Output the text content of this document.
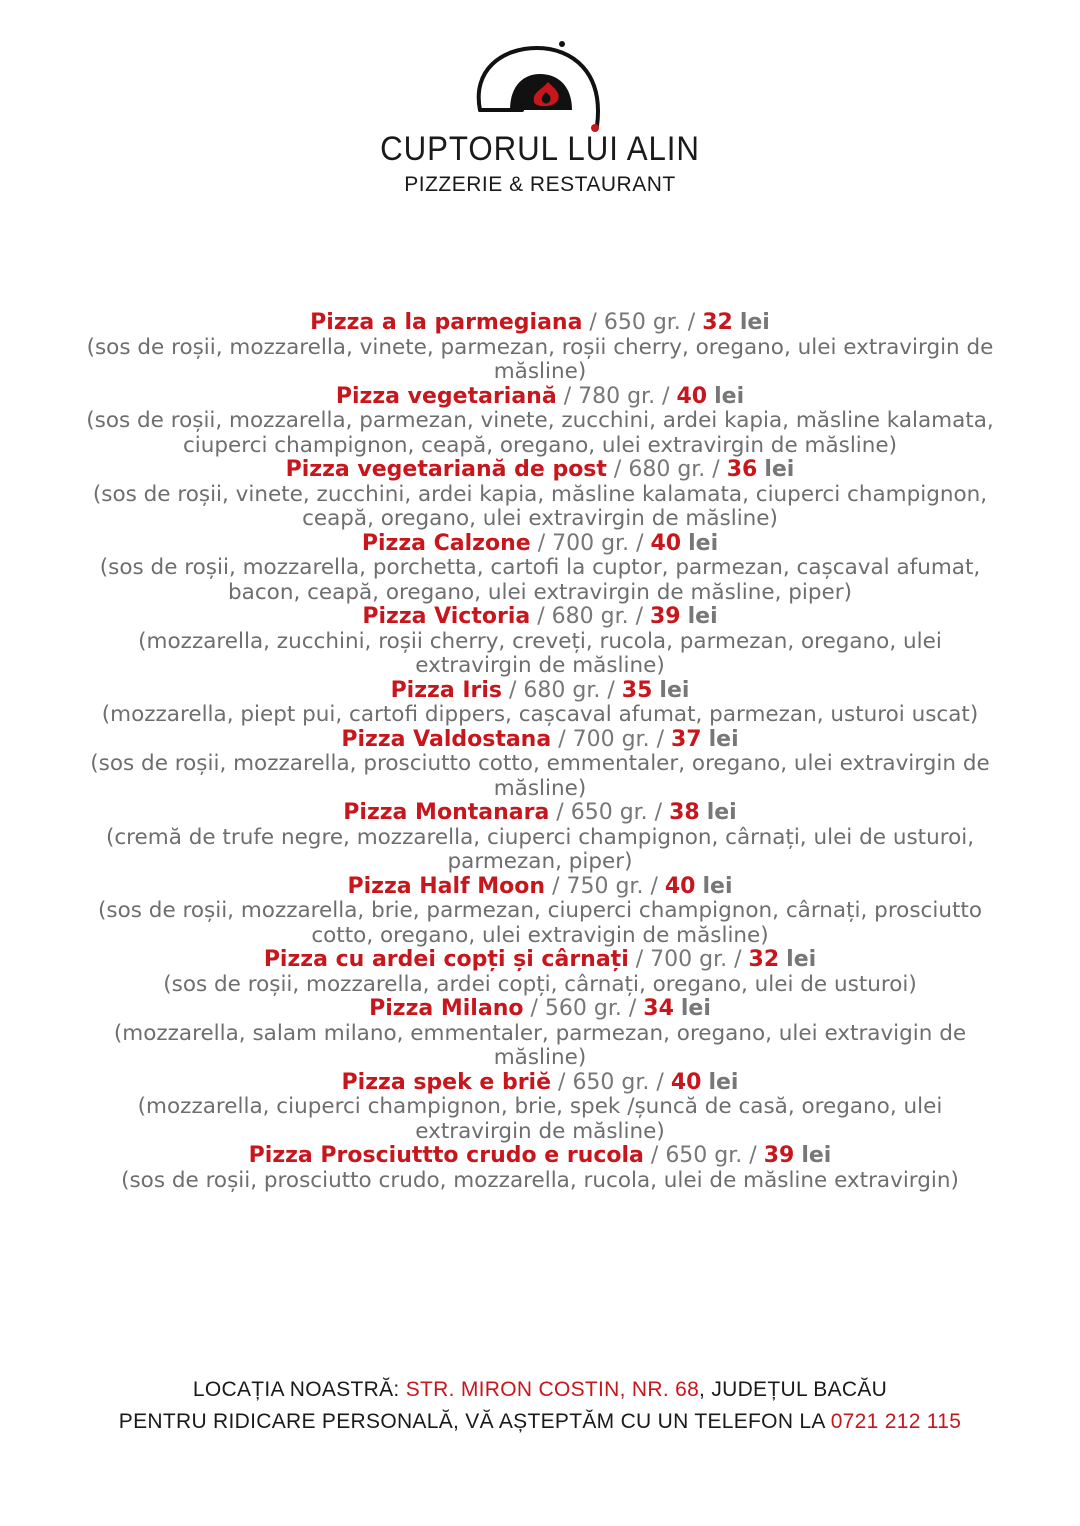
CUPTORUL LUI ALIN
PIZZERIE & RESTAURANT
Pizza a la parmegiana / 650 gr. / 32 lei
(sos de roșii, mozzarella, vinete, parmezan, roșii cherry, oregano, ulei extravirgin de măsline)
Pizza vegetariană / 780 gr. / 40 lei
(sos de roșii, mozzarella, parmezan, vinete, zucchini, ardei kapia, măsline kalamata, ciuperci champignon, ceapă, oregano, ulei extravirgin de măsline)
Pizza vegetariană de post / 680 gr. / 36 lei
(sos de roșii, vinete, zucchini, ardei kapia, măsline kalamata, ciuperci champignon, ceapă, oregano, ulei extravirgin de măsline)
Pizza Calzone / 700 gr. / 40 lei
(sos de roșii, mozzarella, porchetta, cartofi la cuptor, parmezan, cașcaval afumat, bacon, ceapă, oregano, ulei extravirgin de măsline, piper)
Pizza Victoria / 680 gr. / 39 lei
(mozzarella, zucchini, roșii cherry, creveți, rucola, parmezan, oregano, ulei extravirgin de măsline)
Pizza Iris / 680 gr. / 35 lei
(mozzarella, piept pui, cartofi dippers, cașcaval afumat, parmezan, usturoi uscat)
Pizza Valdostana / 700 gr. / 37 lei
(sos de roșii, mozzarella, prosciutto cotto, emmentaler, oregano, ulei extravirgin de măsline)
Pizza Montanara / 650 gr. / 38 lei
(cremă de trufe negre, mozzarella, ciuperci champignon, cârnați, ulei de usturoi, parmezan, piper)
Pizza Half Moon / 750 gr. / 40 lei
(sos de roșii, mozzarella, brie, parmezan, ciuperci champignon, cârnați, prosciutto cotto, oregano, ulei extravigin de măsline)
Pizza cu ardei copți și cârnați / 700 gr. / 32 lei
(sos de roșii, mozzarella, ardei copți, cârnați, oregano, ulei de usturoi)
Pizza Milano / 560 gr. / 34 lei
(mozzarella, salam milano, emmentaler, parmezan, oregano, ulei extravigin de măsline)
Pizza spek e briĕ / 650 gr. / 40 lei
(mozzarella, ciuperci champignon, brie, spek /șuncă de casă, oregano, ulei extravirgin de măsline)
Pizza Prosciuttto crudo e rucola / 650 gr. / 39 lei
(sos de roșii, prosciutto crudo, mozzarella, rucola, ulei de măsline extravirgin)
LOCAȚIA NOASTRĂ: STR. MIRON COSTIN, NR. 68, JUDEȚUL BACĂU
PENTRU RIDICARE PERSONALĂ, VĂ AȘTEPTĂM CU UN TELEFON LA 0721 212 115
